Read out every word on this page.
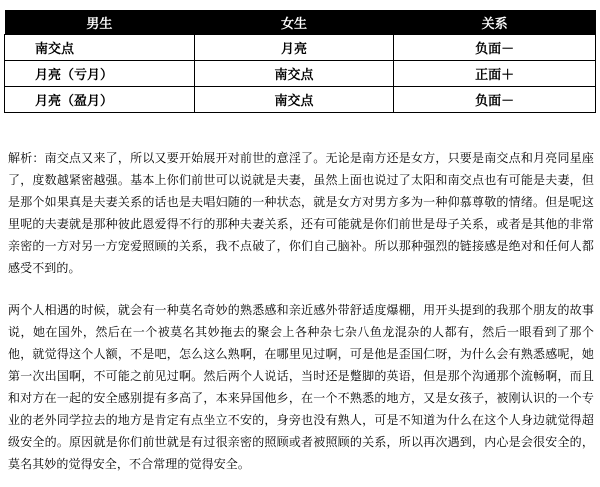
男生	女生	关系
南交点	月亮	负面－
月亮（亏月）	南交点	正面＋
月亮（盈月）	南交点	负面－

解析：南交点又来了，所以又要开始展开对前世的意淫了。无论是南方还是女方，只要是南交点和月亮同星座了，度数越紧密越强。基本上你们前世可以说就是夫妻，虽然上面也说过了太阳和南交点也有可能是夫妻，但是那个如果真是夫妻关系的话也是夫唱妇随的一种状态，就是女方对男方多为一种仰慕尊敬的情绪。但是呢这里呢的夫妻就是那种彼此恩爱得不行的那种夫妻关系，还有可能就是你们前世是母子关系，或者是其他的非常亲密的一方对另一方宠爱照顾的关系，我不点破了，你们自己脑补。所以那种强烈的链接感是绝对和任何人都感受不到的。

两个人相遇的时候，就会有一种莫名奇妙的熟悉感和亲近感外带舒适度爆棚，用开头提到的我那个朋友的故事说，她在国外，然后在一个被莫名其妙拖去的聚会上各种杂七杂八鱼龙混杂的人都有，然后一眼看到了那个他，就觉得这个人额，不是吧，怎么这么熟啊，在哪里见过啊，可是他是歪国仁呀，为什么会有熟悉感呢，她第一次出国啊，不可能之前见过啊。然后两个人说话，当时还是蹩脚的英语，但是那个沟通那个流畅啊，而且和对方在一起的安全感别提有多高了，本来异国他乡，在一个不熟悉的地方，又是女孩子，被刚认识的一个专业的老外同学拉去的地方是肯定有点坐立不安的，身旁也没有熟人，可是不知道为什么在这个人身边就觉得超级安全的。原因就是你们前世就是有过很亲密的照顾或者被照顾的关系，所以再次遇到，内心是会很安全的，莫名其妙的觉得安全，不合常理的觉得安全。
